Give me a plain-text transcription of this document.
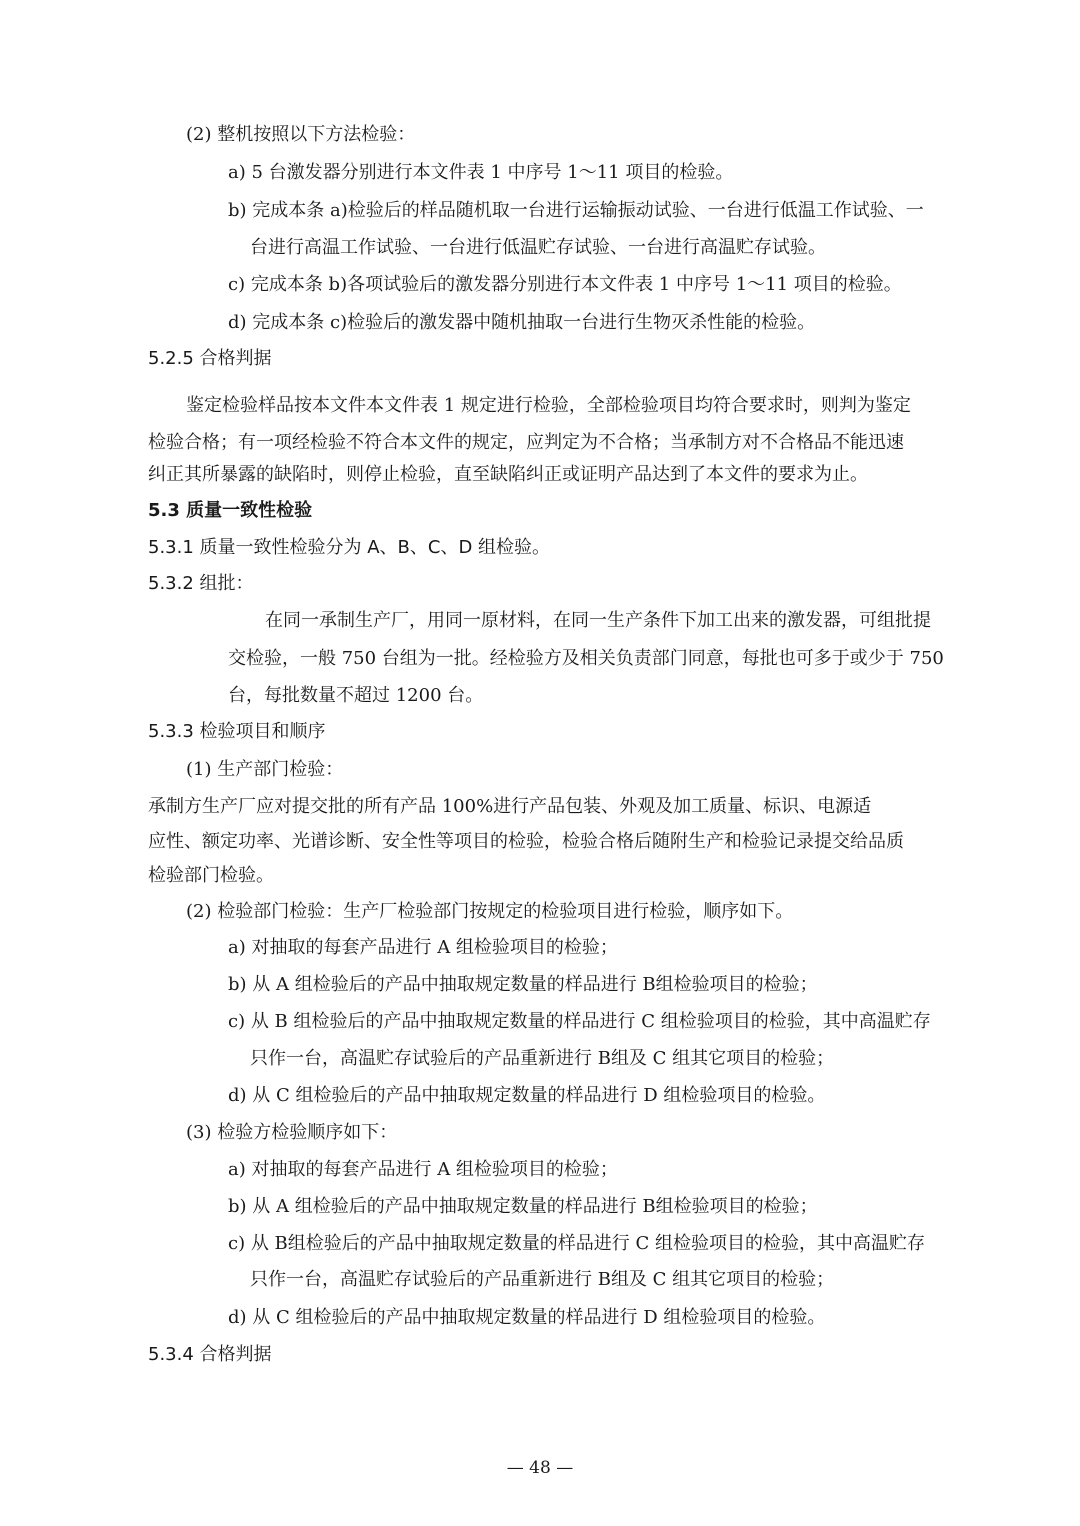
(2) 整机按照以下方法检验：
a) 5 台激发器分别进行本文件表 1 中序号 1～11 项目的检验。
b) 完成本条 a)检验后的样品随机取一台进行运输振动试验、一台进行低温工作试验、一
台进行高温工作试验、一台进行低温贮存试验、一台进行高温贮存试验。
c) 完成本条 b)各项试验后的激发器分别进行本文件表 1 中序号 1～11 项目的检验。
d) 完成本条 c)检验后的激发器中随机抽取一台进行生物灭杀性能的检验。
5.2.5 合格判据
鉴定检验样品按本文件本文件表 1 规定进行检验，全部检验项目均符合要求时，则判为鉴定
检验合格；有一项经检验不符合本文件的规定，应判定为不合格；当承制方对不合格品不能迅速
纠正其所暴露的缺陷时，则停止检验，直至缺陷纠正或证明产品达到了本文件的要求为止。
5.3 质量一致性检验
5.3.1 质量一致性检验分为 A、B、C、D 组检验。
5.3.2 组批：
在同一承制生产厂，用同一原材料，在同一生产条件下加工出来的激发器，可组批提
交检验，一般 750 台组为一批。经检验方及相关负责部门同意，每批也可多于或少于 750
台，每批数量不超过 1200 台。
5.3.3 检验项目和顺序
(1) 生产部门检验：
承制方生产厂应对提交批的所有产品 100%进行产品包装、外观及加工质量、标识、电源适
应性、额定功率、光谱诊断、安全性等项目的检验，检验合格后随附生产和检验记录提交给品质
检验部门检验。
(2) 检验部门检验：生产厂检验部门按规定的检验项目进行检验，顺序如下。
a) 对抽取的每套产品进行 A 组检验项目的检验；
b) 从 A 组检验后的产品中抽取规定数量的样品进行 B组检验项目的检验；
c) 从 B 组检验后的产品中抽取规定数量的样品进行 C 组检验项目的检验，其中高温贮存
只作一台，高温贮存试验后的产品重新进行 B组及 C 组其它项目的检验；
d) 从 C 组检验后的产品中抽取规定数量的样品进行 D 组检验项目的检验。
(3) 检验方检验顺序如下：
a) 对抽取的每套产品进行 A 组检验项目的检验；
b) 从 A 组检验后的产品中抽取规定数量的样品进行 B组检验项目的检验；
c) 从 B组检验后的产品中抽取规定数量的样品进行 C 组检验项目的检验，其中高温贮存
只作一台，高温贮存试验后的产品重新进行 B组及 C 组其它项目的检验；
d) 从 C 组检验后的产品中抽取规定数量的样品进行 D 组检验项目的检验。
5.3.4 合格判据
— 48 —
